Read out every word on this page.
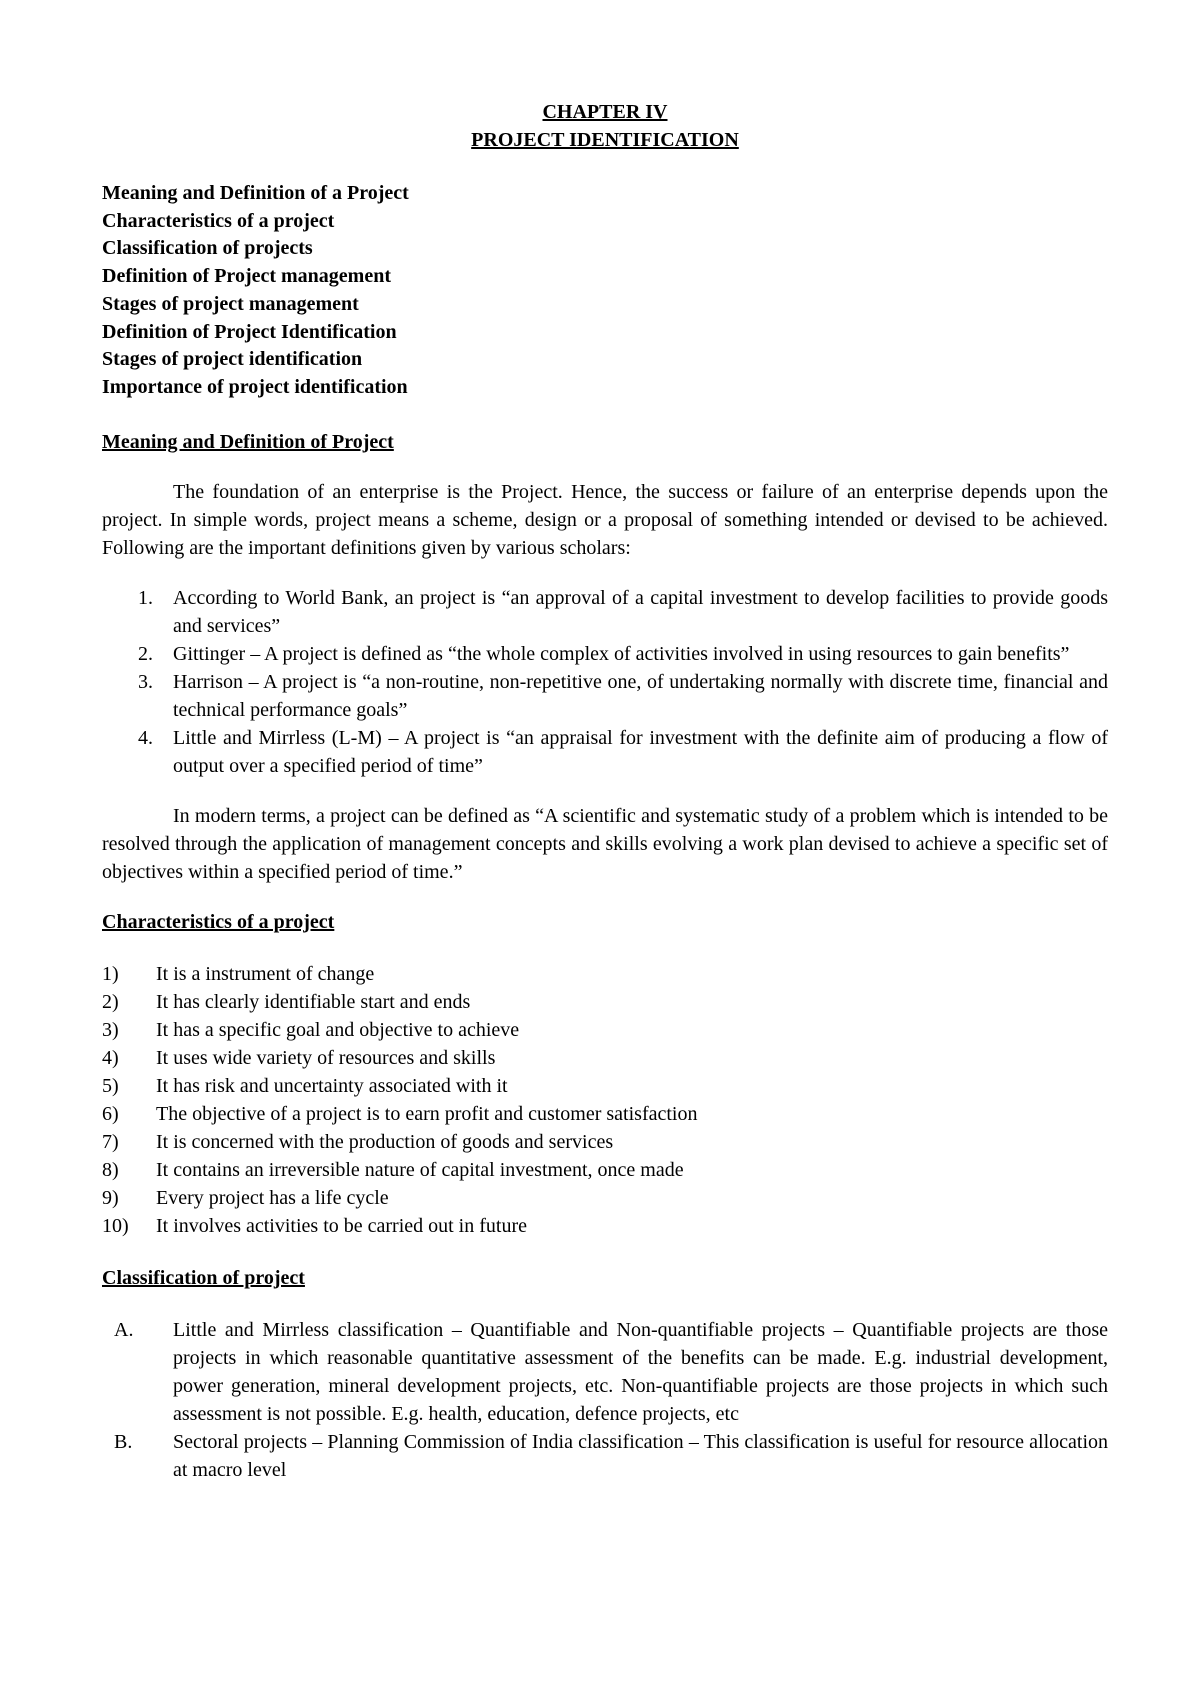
CHAPTER IV
PROJECT IDENTIFICATION
Meaning and Definition of a Project
Characteristics of a project
Classification of projects
Definition of Project management
Stages of project management
Definition of Project Identification
Stages of project identification
Importance of project identification
Meaning and Definition of Project
The foundation of an enterprise is the Project. Hence, the success or failure of an enterprise depends upon the project. In simple words, project means a scheme, design or a proposal of something intended or devised to be achieved. Following are the important definitions given by various scholars:
1. According to World Bank, an project is “an approval of a capital investment to develop facilities to provide goods and services”
2. Gittinger – A project is defined as “the whole complex of activities involved in using resources to gain benefits”
3. Harrison – A project is “a non-routine, non-repetitive one, of undertaking normally with discrete time, financial and technical performance goals”
4. Little and Mirrless (L-M) – A project is “an appraisal for investment with the definite aim of producing a flow of output over a specified period of time”
In modern terms, a project can be defined as “A scientific and systematic study of a problem which is intended to be resolved through the application of management concepts and skills evolving a work plan devised to achieve a specific set of objectives within a specified period of time.”
Characteristics of a project
1) It is a instrument of change
2) It has clearly identifiable start and ends
3) It has a specific goal and objective to achieve
4) It uses wide variety of resources and skills
5) It has risk and uncertainty associated with it
6) The objective of a project is to earn profit and customer satisfaction
7) It is concerned with the production of goods and services
8) It contains an irreversible nature of capital investment, once made
9) Every project has a life cycle
10) It involves activities to be carried out in future
Classification of project
A. Little and Mirrless classification – Quantifiable and Non-quantifiable projects – Quantifiable projects are those projects in which reasonable quantitative assessment of the benefits can be made. E.g. industrial development, power generation, mineral development projects, etc. Non-quantifiable projects are those projects in which such assessment is not possible. E.g. health, education, defence projects, etc
B. Sectoral projects – Planning Commission of India classification – This classification is useful for resource allocation at macro level
